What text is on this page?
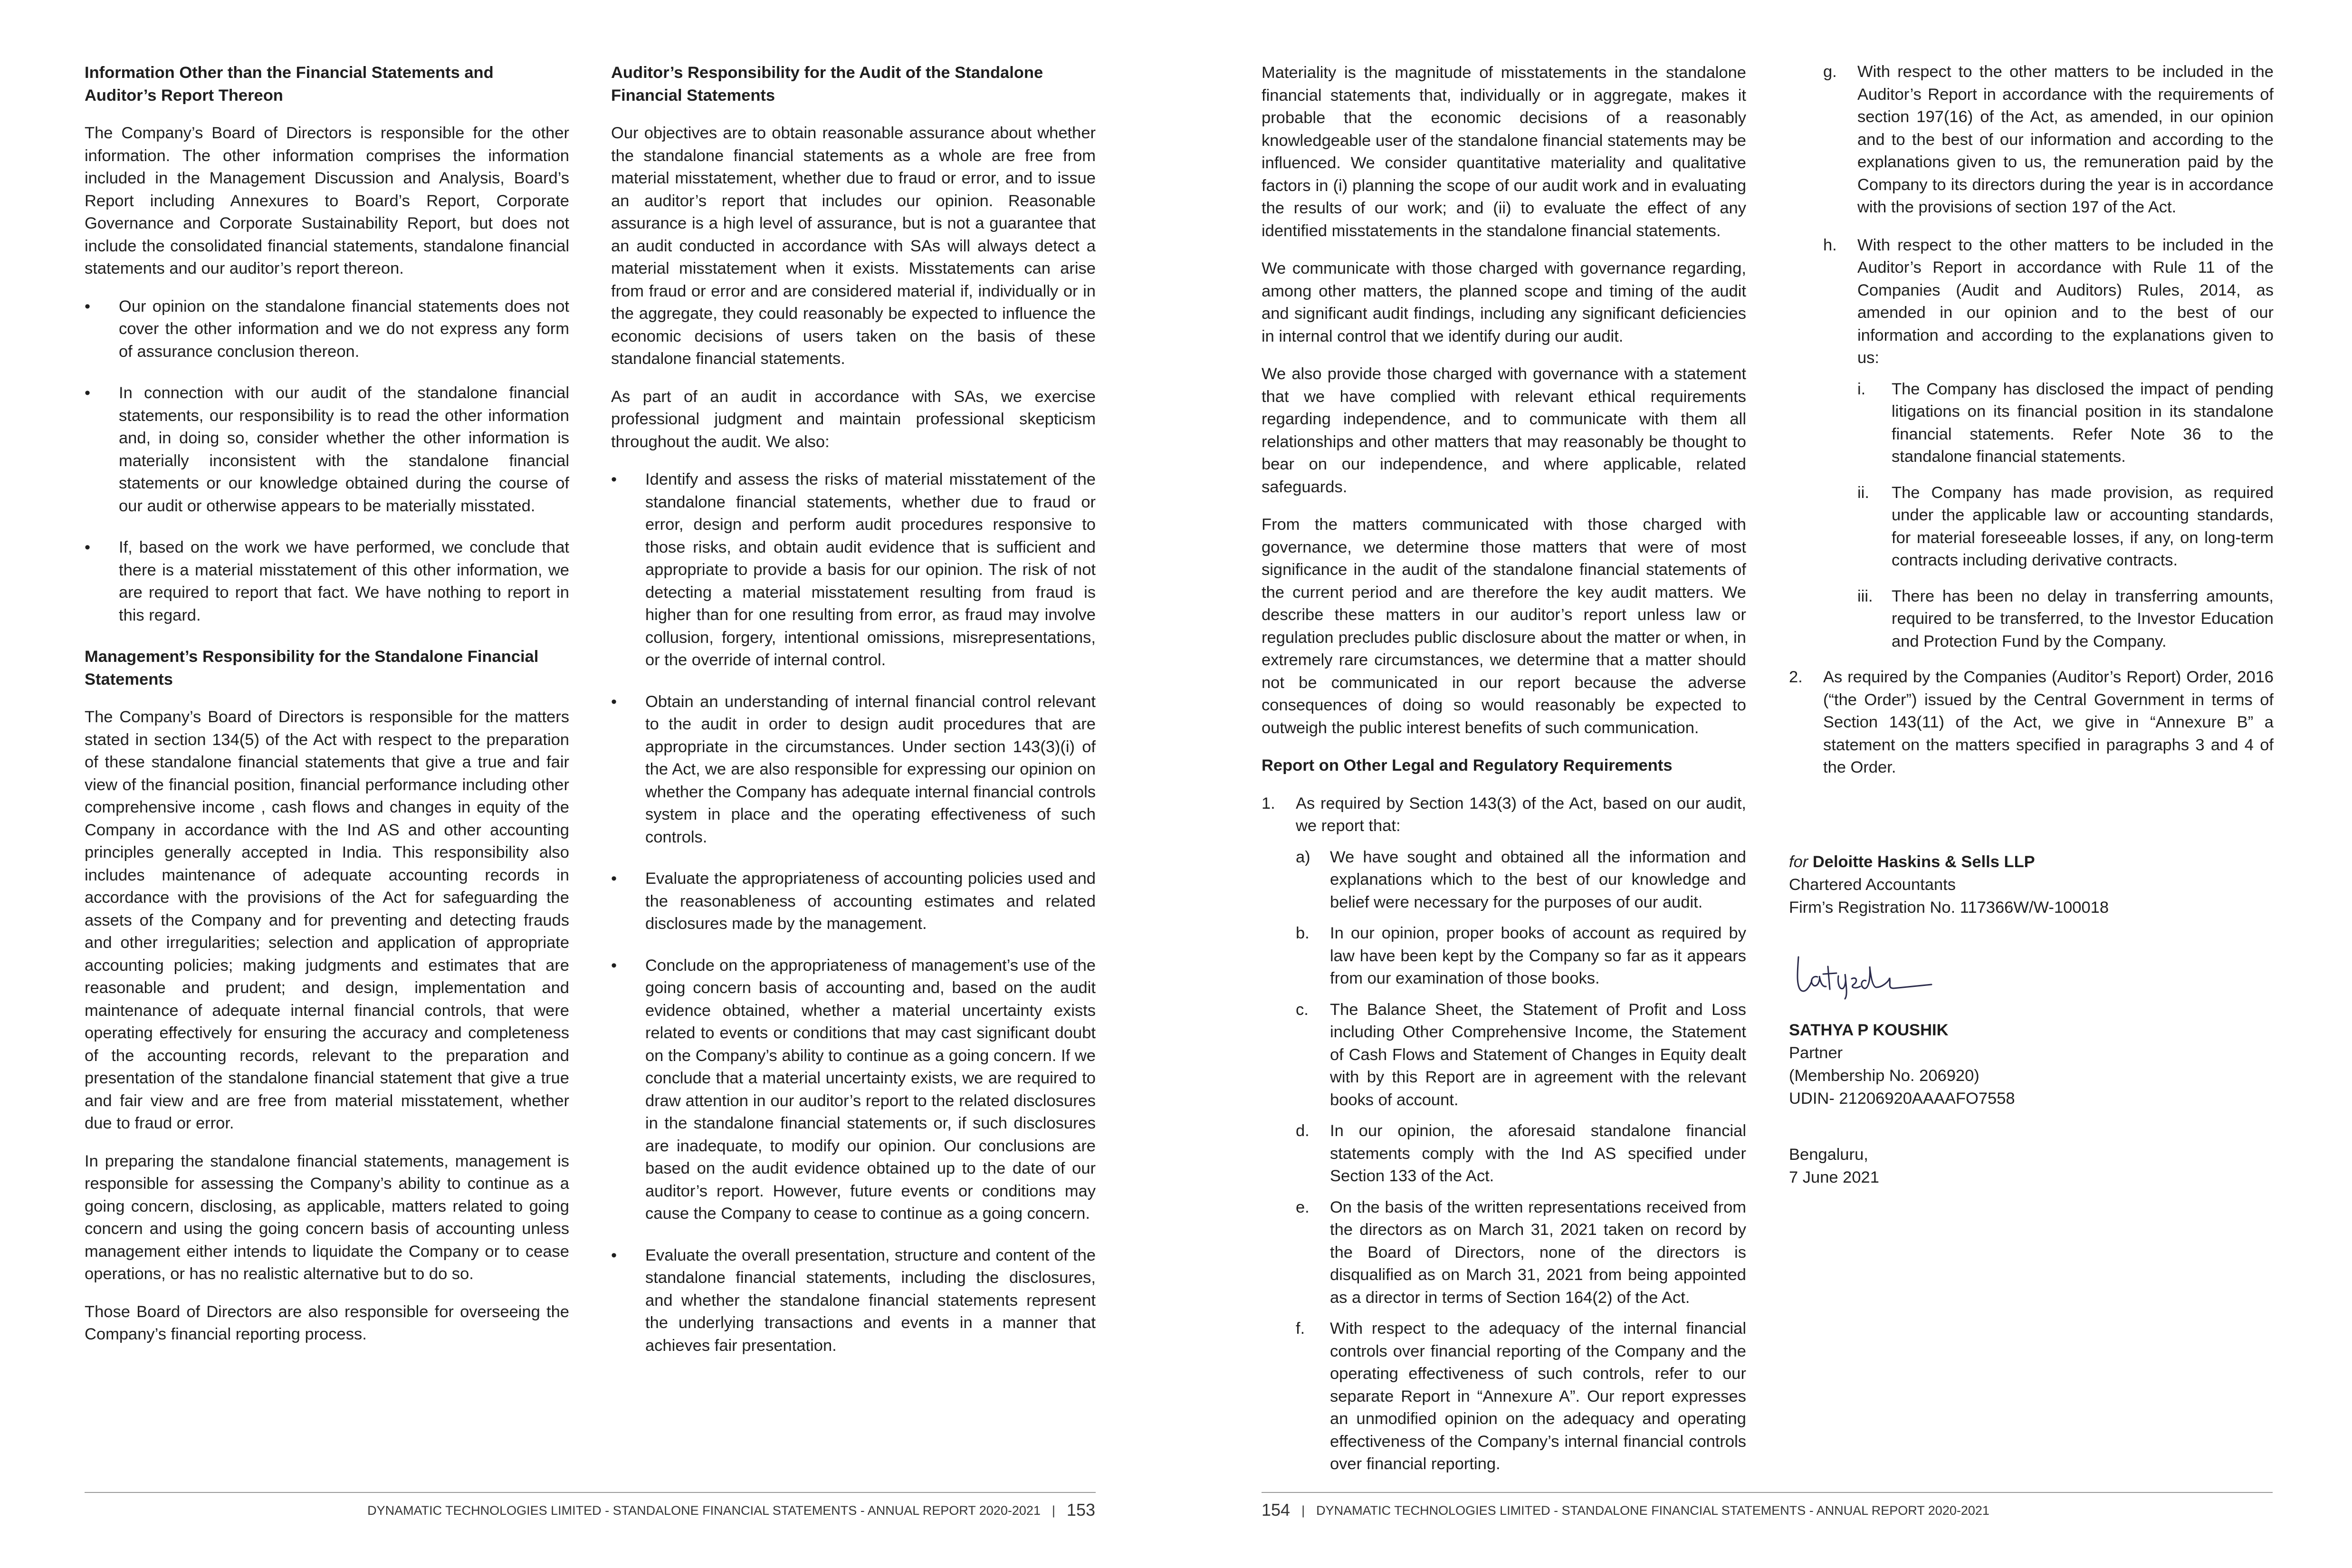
Information Other than the Financial Statements and Auditor’s Report Thereon

The Company’s Board of Directors is responsible for the other information. The other information comprises the information included in the Management Discussion and Analysis, Board’s Report including Annexures to Board’s Report, Corporate Governance and Corporate Sustainability Report, but does not include the consolidated financial statements, standalone financial statements and our auditor’s report thereon.

• Our opinion on the standalone financial statements does not cover the other information and we do not express any form of assurance conclusion thereon.
• In connection with our audit of the standalone financial statements, our responsibility is to read the other information and, in doing so, consider whether the other information is materially inconsistent with the standalone financial statements or our knowledge obtained during the course of our audit or otherwise appears to be materially misstated.
• If, based on the work we have performed, we conclude that there is a material misstatement of this other information, we are required to report that fact. We have nothing to report in this regard.
Management’s Responsibility for the Standalone Financial Statements

The Company’s Board of Directors is responsible for the matters stated in section 134(5) of the Act with respect to the preparation of these standalone financial statements that give a true and fair view of the financial position, financial performance including other comprehensive income , cash flows and changes in equity of the Company in accordance with the Ind AS and other accounting principles generally accepted in India. This responsibility also includes maintenance of adequate accounting records in accordance with the provisions of the Act for safeguarding the assets of the Company and for preventing and detecting frauds and other irregularities; selection and application of appropriate accounting policies; making judgments and estimates that are reasonable and prudent; and design, implementation and maintenance of adequate internal financial controls, that were operating effectively for ensuring the accuracy and completeness of the accounting records, relevant to the preparation and presentation of the standalone financial statement that give a true and fair view and are free from material misstatement, whether due to fraud or error.

In preparing the standalone financial statements, management is responsible for assessing the Company’s ability to continue as a going concern, disclosing, as applicable, matters related to going concern and using the going concern basis of accounting unless management either intends to liquidate the Company or to cease operations, or has no realistic alternative but to do so.

Those Board of Directors are also responsible for overseeing the Company’s financial reporting process.

Auditor’s Responsibility for the Audit of the Standalone Financial Statements

Our objectives are to obtain reasonable assurance about whether the standalone financial statements as a whole are free from material misstatement, whether due to fraud or error, and to issue an auditor’s report that includes our opinion. Reasonable assurance is a high level of assurance, but is not a guarantee that an audit conducted in accordance with SAs will always detect a material misstatement when it exists. Misstatements can arise from fraud or error and are considered material if, individually or in the aggregate, they could reasonably be expected to influence the economic decisions of users taken on the basis of these standalone financial statements.

As part of an audit in accordance with SAs, we exercise professional judgment and maintain professional skepticism throughout the audit. We also:

• Identify and assess the risks of material misstatement of the standalone financial statements, whether due to fraud or error, design and perform audit procedures responsive to those risks, and obtain audit evidence that is sufficient and appropriate to provide a basis for our opinion. The risk of not detecting a material misstatement resulting from fraud is higher than for one resulting from error, as fraud may involve collusion, forgery, intentional omissions, misrepresentations, or the override of internal control.
• Obtain an understanding of internal financial control relevant to the audit in order to design audit procedures that are appropriate in the circumstances. Under section 143(3)(i) of the Act, we are also responsible for expressing our opinion on whether the Company has adequate internal financial controls system in place and the operating effectiveness of such controls.
• Evaluate the appropriateness of accounting policies used and the reasonableness of accounting estimates and related disclosures made by the management.
• Conclude on the appropriateness of management’s use of the going concern basis of accounting and, based on the audit evidence obtained, whether a material uncertainty exists related to events or conditions that may cast significant doubt on the Company’s ability to continue as a going concern. If we conclude that a material uncertainty exists, we are required to draw attention in our auditor’s report to the related disclosures in the standalone financial statements or, if such disclosures are inadequate, to modify our opinion. Our conclusions are based on the audit evidence obtained up to the date of our auditor’s report. However, future events or conditions may cause the Company to cease to continue as a going concern.
• Evaluate the overall presentation, structure and content of the standalone financial statements, including the disclosures, and whether the standalone financial statements represent the underlying transactions and events in a manner that achieves fair presentation.
DYNAMATIC TECHNOLOGIES LIMITED - STANDALONE FINANCIAL STATEMENTS - ANNUAL REPORT 2020-2021 | 153

Materiality is the magnitude of misstatements in the standalone financial statements that, individually or in aggregate, makes it probable that the economic decisions of a reasonably knowledgeable user of the standalone financial statements may be influenced. We consider quantitative materiality and qualitative factors in (i) planning the scope of our audit work and in evaluating the results of our work; and (ii) to evaluate the effect of any identified misstatements in the standalone financial statements.

We communicate with those charged with governance regarding, among other matters, the planned scope and timing of the audit and significant audit findings, including any significant deficiencies in internal control that we identify during our audit.

We also provide those charged with governance with a statement that we have complied with relevant ethical requirements regarding independence, and to communicate with them all relationships and other matters that may reasonably be thought to bear on our independence, and where applicable, related safeguards.

From the matters communicated with those charged with governance, we determine those matters that were of most significance in the audit of the standalone financial statements of the current period and are therefore the key audit matters. We describe these matters in our auditor’s report unless law or regulation precludes public disclosure about the matter or when, in extremely rare circumstances, we determine that a matter should not be communicated in our report because the adverse consequences of doing so would reasonably be expected to outweigh the public interest benefits of such communication.

Report on Other Legal and Regulatory Requirements
1. As required by Section 143(3) of the Act, based on our audit, we report that:
a) We have sought and obtained all the information and explanations which to the best of our knowledge and belief were necessary for the purposes of our audit.
b. In our opinion, proper books of account as required by law have been kept by the Company so far as it appears from our examination of those books.
c. The Balance Sheet, the Statement of Profit and Loss including Other Comprehensive Income, the Statement of Cash Flows and Statement of Changes in Equity dealt with by this Report are in agreement with the relevant books of account.
d. In our opinion, the aforesaid standalone financial statements comply with the Ind AS specified under Section 133 of the Act.
e. On the basis of the written representations received from the directors as on March 31, 2021 taken on record by the Board of Directors, none of the directors is disqualified as on March 31, 2021 from being appointed as a director in terms of Section 164(2) of the Act.
f. With respect to the adequacy of the internal financial controls over financial reporting of the Company and the operating effectiveness of such controls, refer to our separate Report in “Annexure A”. Our report expresses an unmodified opinion on the adequacy and operating effectiveness of the Company’s internal financial controls over financial reporting.
g. With respect to the other matters to be included in the Auditor’s Report in accordance with the requirements of section 197(16) of the Act, as amended, in our opinion and to the best of our information and according to the explanations given to us, the remuneration paid by the Company to its directors during the year is in accordance with the provisions of section 197 of the Act.
h. With respect to the other matters to be included in the Auditor’s Report in accordance with Rule 11 of the Companies (Audit and Auditors) Rules, 2014, as amended in our opinion and to the best of our information and according to the explanations given to us:
i. The Company has disclosed the impact of pending litigations on its financial position in its standalone financial statements. Refer Note 36 to the standalone financial statements.
ii. The Company has made provision, as required under the applicable law or accounting standards, for material foreseeable losses, if any, on long-term contracts including derivative contracts.
iii. There has been no delay in transferring amounts, required to be transferred, to the Investor Education and Protection Fund by the Company.
2. As required by the Companies (Auditor’s Report) Order, 2016 (“the Order”) issued by the Central Government in terms of Section 143(11) of the Act, we give in “Annexure B” a statement on the matters specified in paragraphs 3 and 4 of the Order.
for Deloitte Haskins & Sells LLP
Chartered Accountants
Firm’s Registration No. 117366W/W-100018
SATHYA P KOUSHIK
Partner
(Membership No. 206920)
UDIN- 21206920AAAAFO7558
Bengaluru,
7 June 2021
154 | DYNAMATIC TECHNOLOGIES LIMITED - STANDALONE FINANCIAL STATEMENTS - ANNUAL REPORT 2020-2021
